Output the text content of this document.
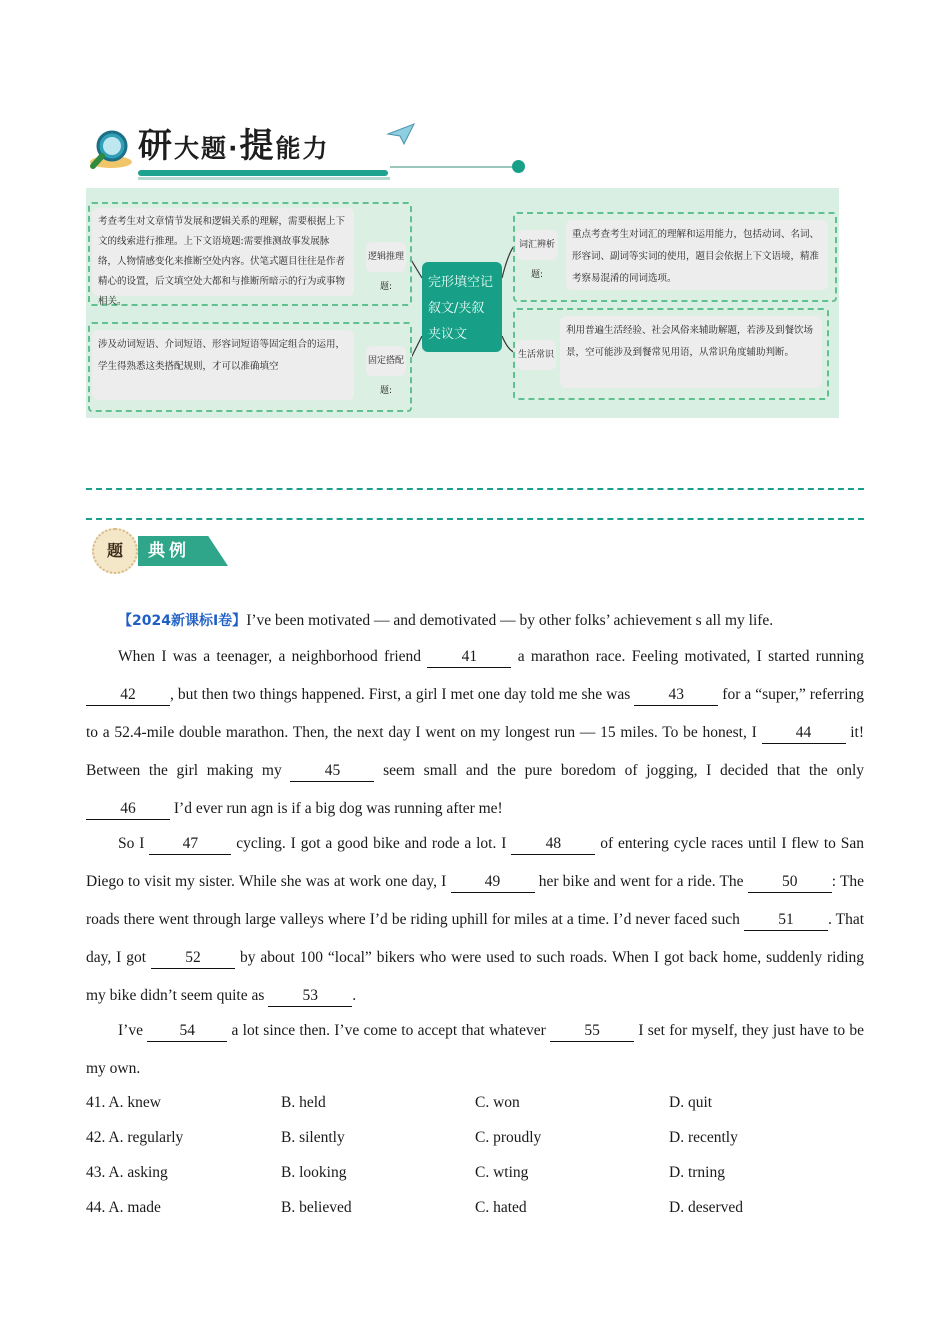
研大题·提能力
考查考生对文章情节发展和逻辑关系的理解，需要根据上下文的线索进行推理。上下文语境题:需要推测故事发展脉络，人物情感变化来推断空处内容。伏笔式题目往往是作者精心的设置，后文填空处大都和与推断所暗示的行为或事物相关。
逻辑推理题:
涉及动词短语、介词短语、形容词短语等固定组合的运用，学生得熟悉这类搭配规则，才可以准确填空	固定搭配题:
完形填空记叙文/夹叙夹议文
词汇辨析题:
重点考查考生对词汇的理解和运用能力，包括动词、名词、形容词、副词等实词的使用，题目会依据上下文语境，精准考察易混淆的同词选项。
生活常识
利用普遍生活经验、社会风俗来辅助解题，若涉及到餐饮场景，空可能涉及到餐常见用语，从常识角度辅助判断。
题	典例
【2024新课标Ⅰ卷】I’ve been motivated — and demotivated — by other folks’ achievement s all my life.
When I was a teenager, a neighborhood friend	41	a marathon race. Feeling motivated, I started running 42 , but then two things happened. First, a girl I met one day told me she was 43 for a “super,” referring to a 52.4-mile double marathon. Then, the next day I went on my longest run — 15 miles. To be honest, I	44	it! Between the girl making my	45	seem small and the pure boredom of jogging, I decided that the only 46 I’d ever run agn is if a big dog was running after me!
So I 47 cycling. I got a good bike and rode a lot. I	48	of entering cycle races until I flew to San Diego to visit my sister. While she was at work one day, I 49 her bike and went for a ride. The 50 : The roads there went through large valleys where I’d be riding uphill for miles at a time. I’d never faced such 51 . That day, I got	52	by about 100 “local” bikers who were used to such roads. When I got back home, suddenly riding my bike didn’t seem quite as 53 .
I’ve 54 a lot since then. I’ve come to accept that whatever 55 I set for myself, they just have to be my own.
41. A. knew	B. held	C. won	D. quit
42. A. regularly	B. silently	C. proudly	D. recently
43. A. asking	B. looking	C. wting	D. trning
44. A. made	B. believed	C. hated	D. deserved
